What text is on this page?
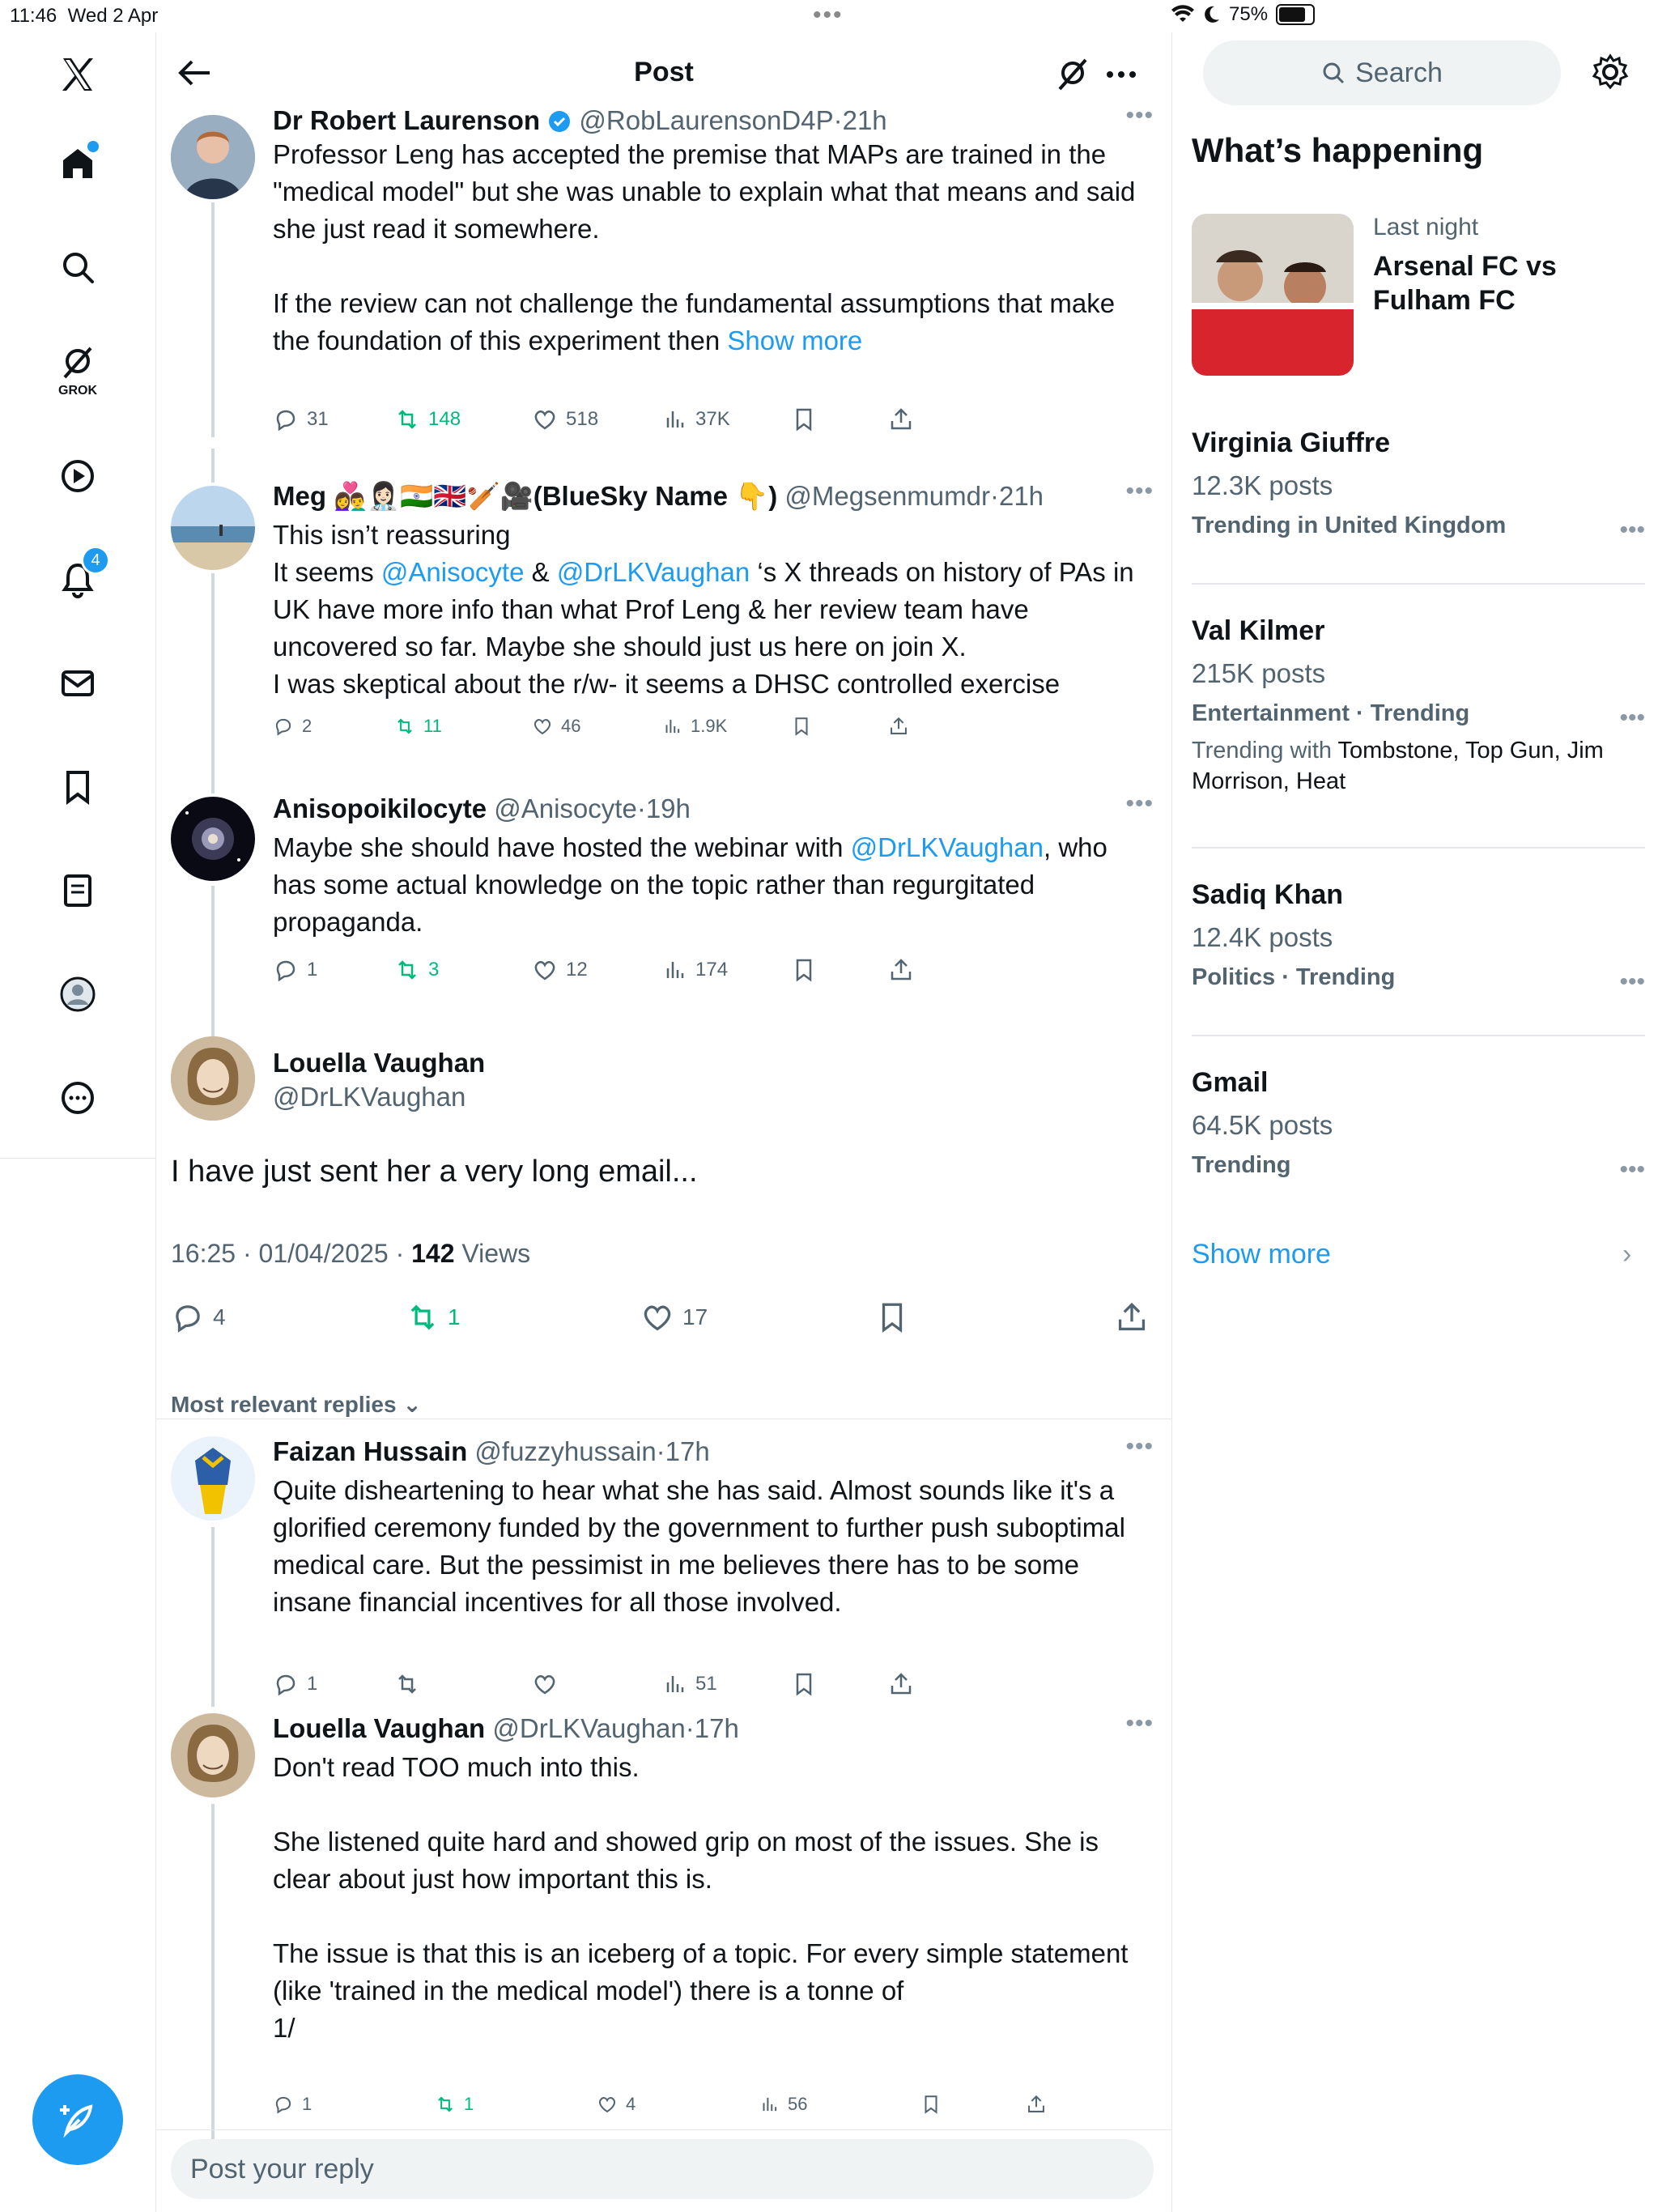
11:46 Wed 2 Apr	•••	75%
GROK
4
Post
Dr Robert Laurenson @RobLaurensonD4P·21h	•••
Professor Leng has accepted the premise that MAPs are trained in the "medical model" but she was unable to explain what that means and said she just read it somewhere.

If the review can not challenge the fundamental assumptions that make the foundation of this experiment then Show more
31	148	518	37K
Meg 👩‍❤️‍👨👩🏻‍⚕️🇮🇳🇬🇧🏏🎥(BlueSky Name 👇) @Megsenmumdr·21h	•••
This isn’t reassuring
It seems @Anisocyte & @DrLKVaughan ‘s X threads on history of PAs in UK have more info than what Prof Leng & her review team have uncovered so far. Maybe she should just us here on join X.
I was skeptical about the r/w- it seems a DHSC controlled exercise
2	11	46	1.9K
Anisopoikilocyte @Anisocyte·19h	•••
Maybe she should have hosted the webinar with @DrLKVaughan, who has some actual knowledge on the topic rather than regurgitated propaganda.
1	3	12	174
Louella Vaughan
@DrLKVaughan
I have just sent her a very long email...
16:25 · 01/04/2025 · 142 Views
4	1	17
Most relevant replies ⌄
Faizan Hussain @fuzzyhussain·17h	•••
Quite disheartening to hear what she has said. Almost sounds like it's a glorified ceremony funded by the government to further push suboptimal medical care. But the pessimist in me believes there has to be some insane financial incentives for all those involved.
1	51
Louella Vaughan @DrLKVaughan·17h	•••
Don't read TOO much into this.

She listened quite hard and showed grip on most of the issues. She is clear about just how important this is.

The issue is that this is an iceberg of a topic. For every simple statement (like 'trained in the medical model') there is a tonne of
1/
1	1	4	56
Post your reply
Search
What’s happening
Last night
Arsenal FC vs Fulham FC
Virginia Giuffre
12.3K posts
Trending in United Kingdom	•••
Val Kilmer
215K posts
Entertainment · Trending
Trending with Tombstone, Top Gun, Jim Morrison, Heat
•••
Sadiq Khan
12.4K posts
Politics · Trending	•••
Gmail
64.5K posts
Trending	•••
Show more	›
